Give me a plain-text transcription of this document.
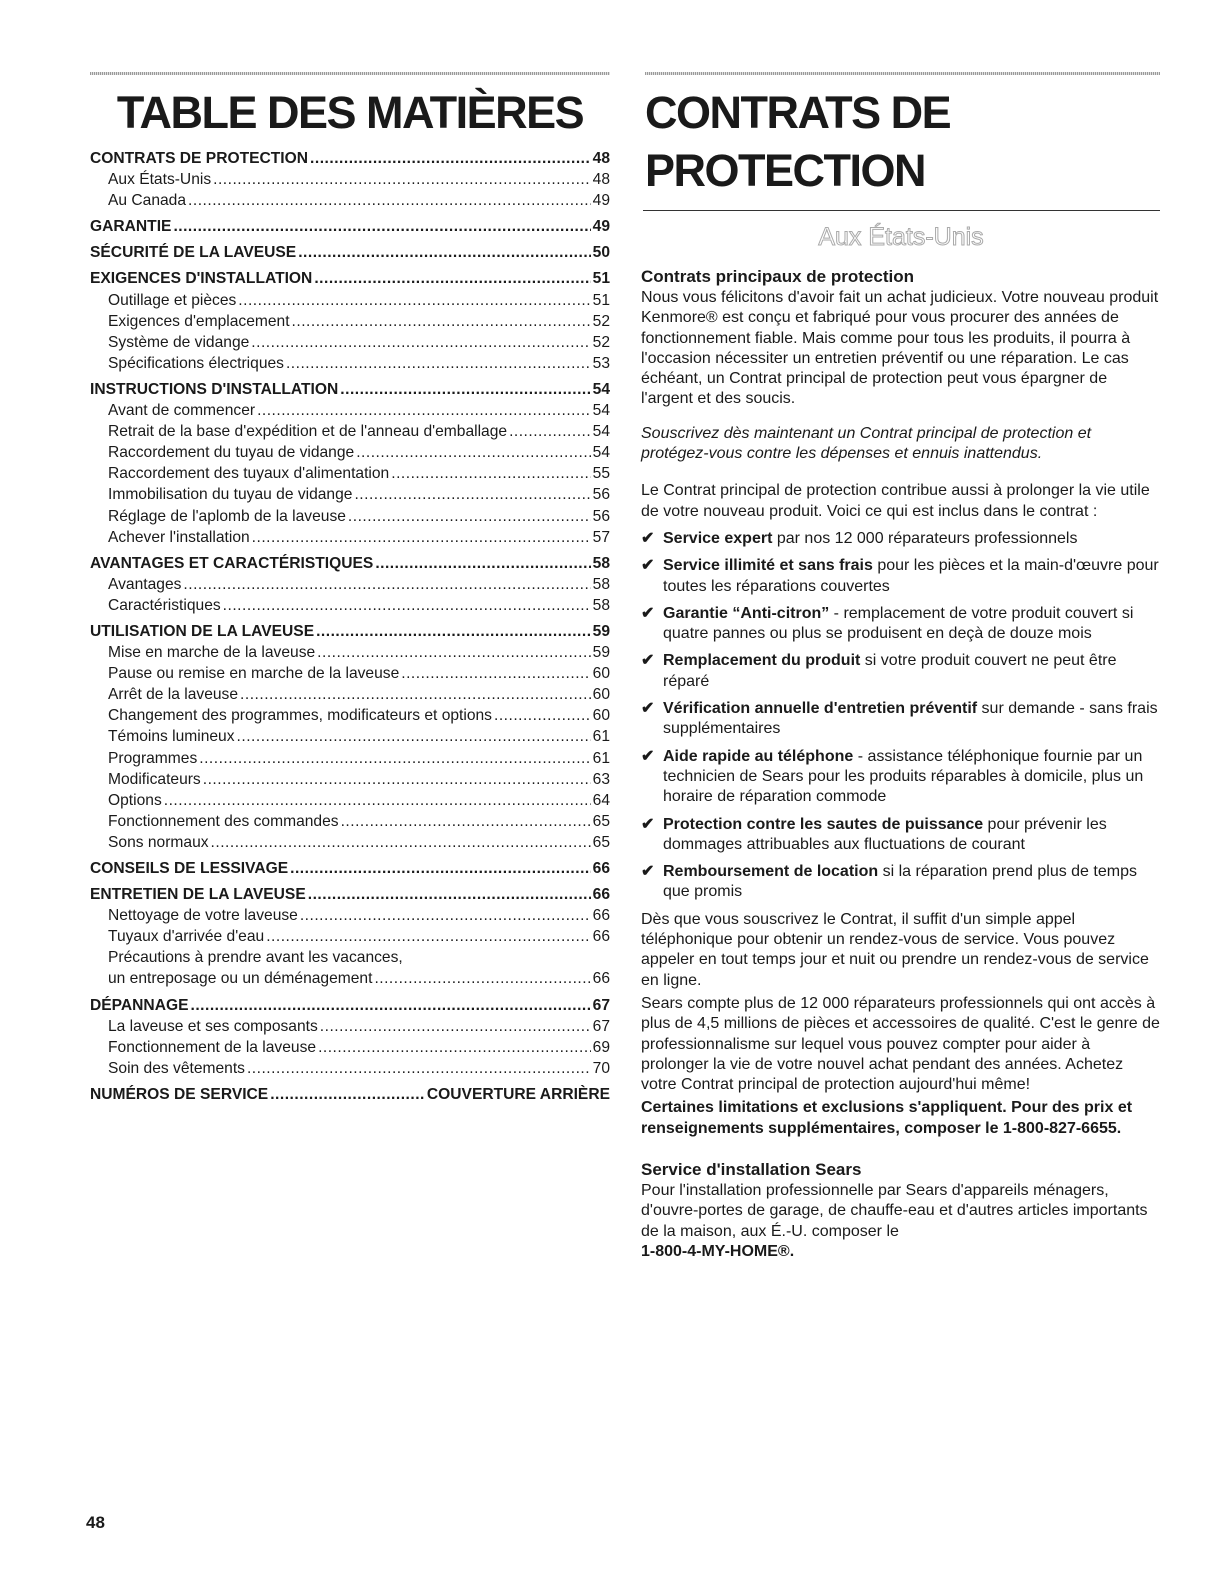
TABLE DES MATIÈRES
CONTRATS DE PROTECTION .....	48
Aux États-Unis .....	48
Au Canada .....	49
GARANTIE .....	49
SÉCURITÉ DE LA LAVEUSE .....	50
EXIGENCES D'INSTALLATION .....	51
Outillage et pièces .....	51
Exigences d'emplacement .....	52
Système de vidange .....	52
Spécifications électriques .....	53
INSTRUCTIONS D'INSTALLATION .....	54
Avant de commencer .....	54
Retrait de la base d'expédition et de l'anneau d'emballage .....	54
Raccordement du tuyau de vidange .....	54
Raccordement des tuyaux d'alimentation .....	55
Immobilisation du tuyau de vidange .....	56
Réglage de l'aplomb de la laveuse .....	56
Achever l'installation .....	57
AVANTAGES ET CARACTÉRISTIQUES .....	58
Avantages .....	58
Caractéristiques .....	58
UTILISATION DE LA LAVEUSE .....	59
Mise en marche de la laveuse .....	59
Pause ou remise en marche de la laveuse .....	60
Arrêt de la laveuse .....	60
Changement des programmes, modificateurs et options .....	60
Témoins lumineux .....	61
Programmes .....	61
Modificateurs .....	63
Options .....	64
Fonctionnement des commandes .....	65
Sons normaux .....	65
CONSEILS DE LESSIVAGE .....	66
ENTRETIEN DE LA LAVEUSE .....	66
Nettoyage de votre laveuse .....	66
Tuyaux d'arrivée d'eau .....	66
Précautions à prendre avant les vacances,
un entreposage ou un déménagement .....	66
DÉPANNAGE .....	67
La laveuse et ses composants .....	67
Fonctionnement de la laveuse .....	69
Soin des vêtements .....	70
NUMÉROS DE SERVICE .....	COUVERTURE ARRIÈRE
CONTRATS DE PROTECTION
Aux États-Unis
Contrats principaux de protection

Nous vous félicitons d'avoir fait un achat judicieux. Votre nouveau produit Kenmore® est conçu et fabriqué pour vous procurer des années de fonctionnement fiable. Mais comme pour tous les produits, il pourra à l'occasion nécessiter un entretien préventif ou une réparation. Le cas échéant, un Contrat principal de protection peut vous épargner de l'argent et des soucis.

Souscrivez dès maintenant un Contrat principal de protection et protégez-vous contre les dépenses et ennuis inattendus.

Le Contrat principal de protection contribue aussi à prolonger la vie utile de votre nouveau produit. Voici ce qui est inclus dans le contrat :

✔ Service expert par nos 12 000 réparateurs professionnels
✔ Service illimité et sans frais pour les pièces et la main-d'œuvre pour toutes les réparations couvertes
✔ Garantie “Anti-citron” - remplacement de votre produit couvert si quatre pannes ou plus se produisent en deçà de douze mois
✔ Remplacement du produit si votre produit couvert ne peut être réparé
✔ Vérification annuelle d'entretien préventif sur demande - sans frais supplémentaires
✔ Aide rapide au téléphone - assistance téléphonique fournie par un technicien de Sears pour les produits réparables à domicile, plus un horaire de réparation commode
✔ Protection contre les sautes de puissance pour prévenir les dommages attribuables aux fluctuations de courant
✔ Remboursement de location si la réparation prend plus de temps que promis

Dès que vous souscrivez le Contrat, il suffit d'un simple appel téléphonique pour obtenir un rendez-vous de service. Vous pouvez appeler en tout temps jour et nuit ou prendre un rendez-vous de service en ligne.

Sears compte plus de 12 000 réparateurs professionnels qui ont accès à plus de 4,5 millions de pièces et accessoires de qualité. C'est le genre de professionnalisme sur lequel vous pouvez compter pour aider à prolonger la vie de votre nouvel achat pendant des années. Achetez votre Contrat principal de protection aujourd'hui même!

Certaines limitations et exclusions s'appliquent. Pour des prix et renseignements supplémentaires, composer le 1-800-827-6655.
Service d'installation Sears

Pour l'installation professionnelle par Sears d'appareils ménagers, d'ouvre-portes de garage, de chauffe-eau et d'autres articles importants de la maison, aux É.-U. composer le
1-800-4-MY-HOME®.

48
